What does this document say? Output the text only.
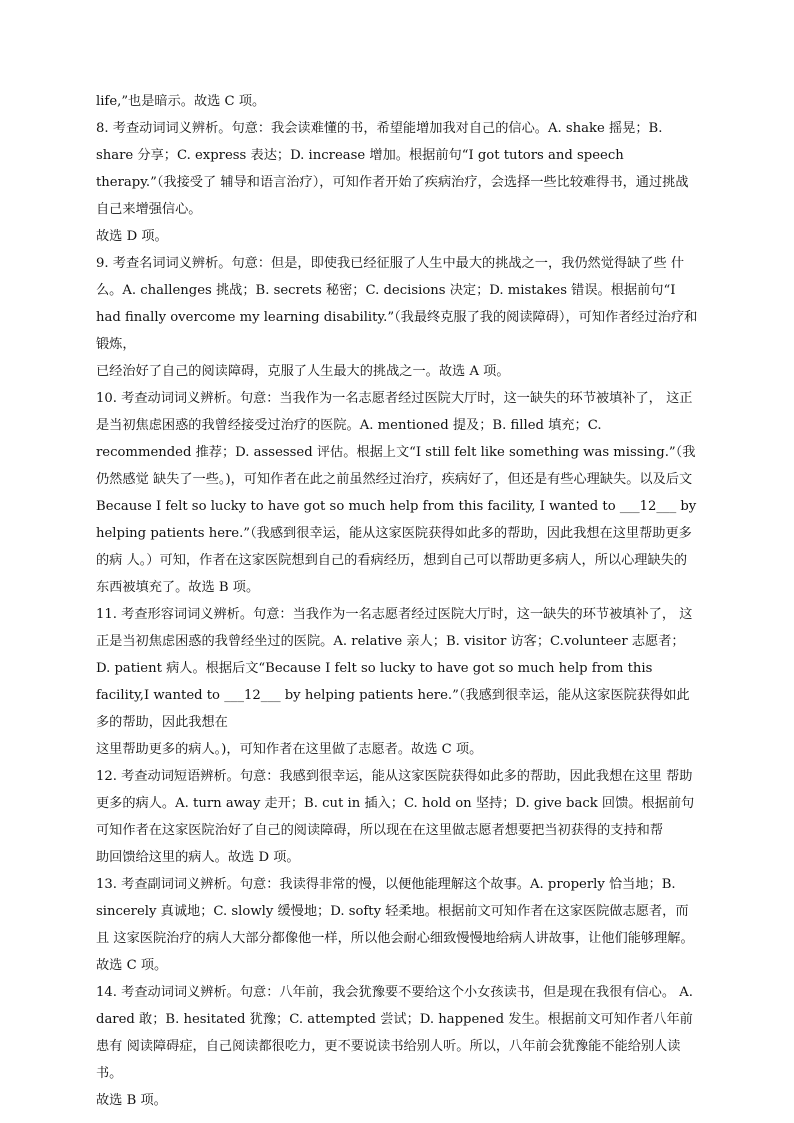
life,”也是暗示。故选 C 项。
8. 考查动词词义辨析。句意：我会读难懂的书，希望能增加我对自己的信心。A. shake 摇晃；B. share 分享；C. express 表达；D. increase 增加。根据前句“I got tutors and speech therapy.”（我接受了 辅导和语言治疗），可知作者开始了疾病治疗，会选择一些比较难得书，通过挑战自己来增强信心。
故选 D 项。
9. 考查名词词义辨析。句意：但是，即使我已经征服了人生中最大的挑战之一，我仍然觉得缺了些 什么。A. challenges 挑战；B. secrets 秘密；C. decisions 决定；D. mistakes 错误。根据前句“I had finally overcome my learning disability.”（我最终克服了我的阅读障碍），可知作者经过治疗和锻炼，
已经治好了自己的阅读障碍，克服了人生最大的挑战之一。故选 A 项。
10. 考查动词词义辨析。句意：当我作为一名志愿者经过医院大厅时，这一缺失的环节被填补了， 这正是当初焦虑困惑的我曾经接受过治疗的医院。A. mentioned 提及；B. filled 填充；C. recommended 推荐；D. assessed 评估。根据上文“I still felt like something was missing.”（我仍然感觉 缺失了一些。)，可知作者在此之前虽然经过治疗，疾病好了，但还是有些心理缺失。以及后文 Because I felt so lucky to have got so much help from this facility, I wanted to ___12___ by helping patients here.”（我感到很幸运，能从这家医院获得如此多的帮助，因此我想在这里帮助更多的病 人。）可知，作者在这家医院想到自己的看病经历，想到自己可以帮助更多病人，所以心理缺失的
东西被填充了。故选 B 项。
11. 考查形容词词义辨析。句意：当我作为一名志愿者经过医院大厅时，这一缺失的环节被填补了， 这正是当初焦虑困惑的我曾经坐过的医院。A. relative 亲人；B. visitor 访客；C.volunteer 志愿者； D. patient 病人。根据后文“Because I felt so lucky to have got so much help from this facility,I wanted to ___12___ by helping patients here.”（我感到很幸运，能从这家医院获得如此多的帮助，因此我想在
这里帮助更多的病人。)，可知作者在这里做了志愿者。故选 C 项。
12. 考查动词短语辨析。句意：我感到很幸运，能从这家医院获得如此多的帮助，因此我想在这里 帮助更多的病人。A. turn away 走开；B. cut in 插入；C. hold on 坚持；D. give back 回馈。根据前句 可知作者在这家医院治好了自己的阅读障碍，所以现在在这里做志愿者想要把当初获得的支持和帮
助回馈给这里的病人。故选 D 项。
13. 考查副词词义辨析。句意：我读得非常的慢，以便他能理解这个故事。A. properly 恰当地；B. sincerely 真诚地；C. slowly 缓慢地；D. softy 轻柔地。根据前文可知作者在这家医院做志愿者，而且 这家医院治疗的病人大部分都像他一样，所以他会耐心细致慢慢地给病人讲故事，让他们能够理解。
故选 C 项。
14. 考查动词词义辨析。句意：八年前，我会犹豫要不要给这个小女孩读书，但是现在我很有信心。 A. dared 敢；B. hesitated 犹豫；C. attempted 尝试；D. happened 发生。根据前文可知作者八年前患有 阅读障碍症，自己阅读都很吃力，更不要说读书给别人听。所以，八年前会犹豫能不能给别人读书。
故选 B 项。
